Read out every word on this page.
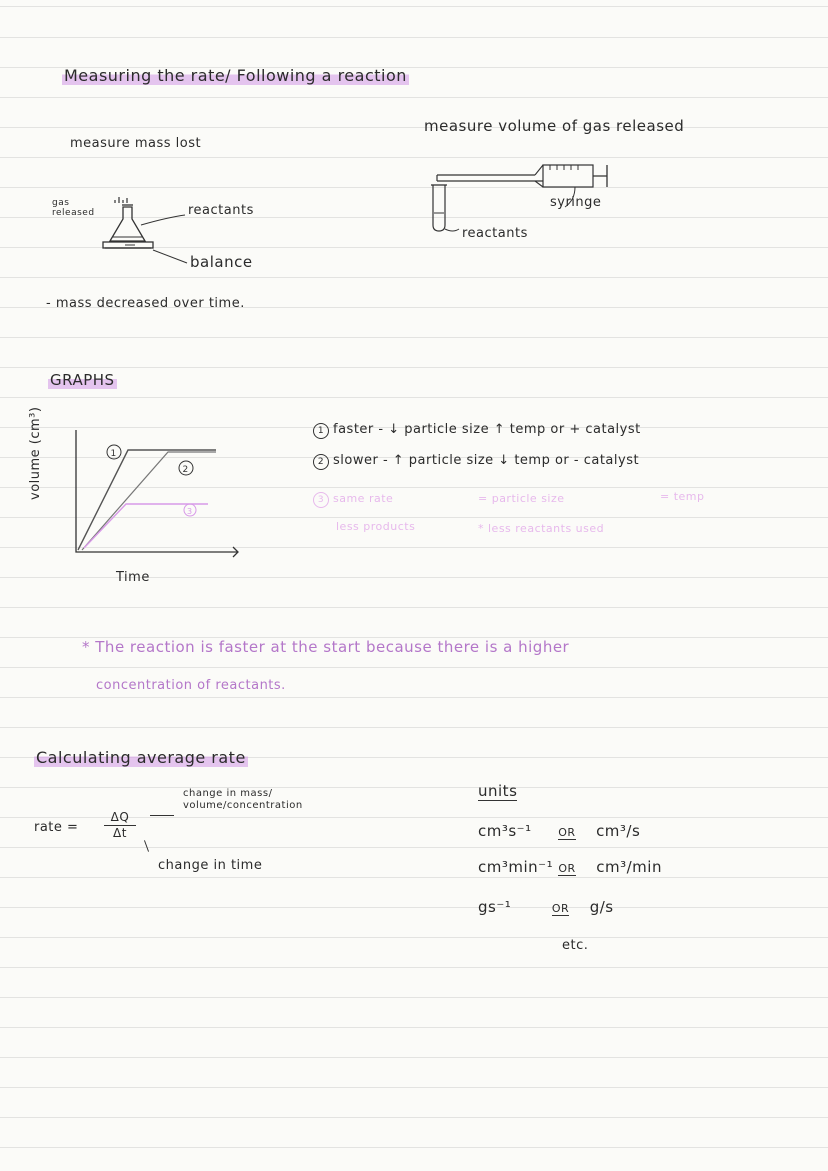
Measuring the rate/ Following a reaction
measure mass lost
gas released	reactants
balance
- mass decreased over time.
measure volume of gas released
syringe
reactants
GRAPHS
volume (cm³)
Time
1
2
3
1 faster - ↓ particle size ↑ temp or + catalyst
2 slower - ↑ particle size ↓ temp or - catalyst
3 same rate
less products
= particle size	= temp
* less reactants used
* The reaction is faster at the start because there is a higher
concentration of reactants.
Calculating average rate
rate =
ΔQ
Δt
change in mass/ volume/concentration
change in time
units
cm³s⁻¹ OR cm³/s
cm³min⁻¹ OR cm³/min
gs⁻¹	OR g/s
etc.
